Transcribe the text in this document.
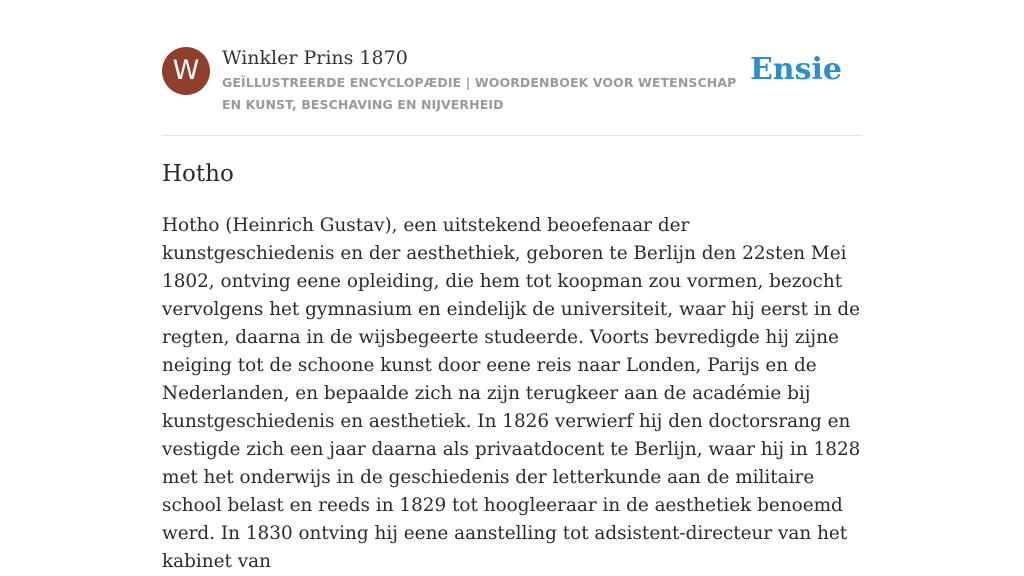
W	Winkler Prins 1870
GEÏLLUSTREERDE ENCYCLOPÆDIE | WOORDENBOEK VOOR WETENSCHAP EN KUNST, BESCHAVING EN NIJVERHEID
Ensie
Hotho

Hotho (Heinrich Gustav), een uitstekend beoefenaar der kunstgeschiedenis en der aesthethiek, geboren te Berlijn den 22sten Mei 1802, ontving eene opleiding, die hem tot koopman zou vormen, bezocht vervolgens het gymnasium en eindelijk de universiteit, waar hij eerst in de regten, daarna in de wijsbegeerte studeerde. Voorts bevredigde hij zijne neiging tot de schoone kunst door eene reis naar Londen, Parijs en de Nederlanden, en bepaalde zich na zijn terugkeer aan de académie bij kunstgeschiedenis en aesthetiek. In 1826 verwierf hij den doctorsrang en vestigde zich een jaar daarna als privaatdocent te Berlijn, waar hij in 1828 met het onderwijs in de geschiedenis der letterkunde aan de militaire school belast en reeds in 1829 tot hoogleeraar in de aesthetiek benoemd werd. In 1830 ontving hij eene aanstelling tot adsistent-directeur van het kabinet van
